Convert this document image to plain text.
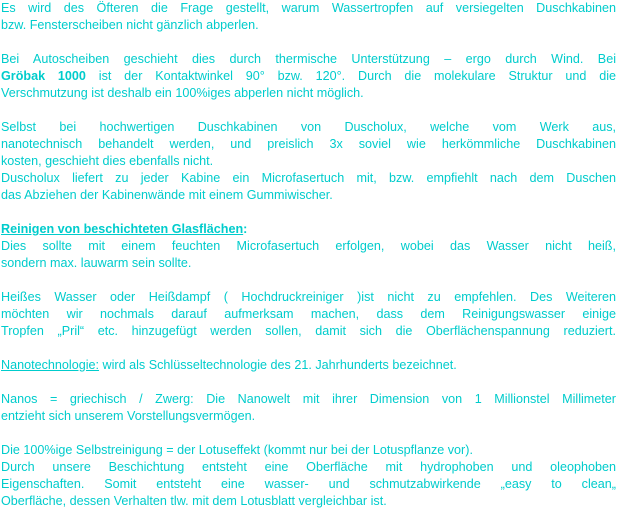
Es wird des Öfteren die Frage gestellt, warum Wassertropfen auf versiegelten Duschkabinen
bzw. Fensterscheiben nicht gänzlich abperlen.
Bei Autoscheiben geschieht dies durch thermische Unterstützung – ergo durch Wind. Bei
Gröbak 1000 ist der Kontaktwinkel 90° bzw. 120°. Durch die molekulare Struktur und die
Verschmutzung ist deshalb ein 100%iges abperlen nicht möglich.
Selbst bei hochwertigen Duschkabinen von Duscholux, welche vom Werk aus,
nanotechnisch behandelt werden, und preislich 3x soviel wie herkömmliche Duschkabinen
kosten, geschieht dies ebenfalls nicht.
Duscholux liefert zu jeder Kabine ein Microfasertuch mit, bzw. empfiehlt nach dem Duschen
das Abziehen der Kabinenwände mit einem Gummiwischer.
Reinigen von beschichteten Glasflächen:
Dies sollte mit einem feuchten Microfasertuch erfolgen, wobei das Wasser nicht heiß,
sondern max. lauwarm sein sollte.
Heißes Wasser oder Heißdampf ( Hochdruckreiniger )ist nicht zu empfehlen. Des Weiteren
möchten wir nochmals darauf aufmerksam machen, dass dem Reinigungswasser einige
Tropfen „Pril“ etc. hinzugefügt werden sollen, damit sich die Oberflächenspannung reduziert.
Nanotechnologie: wird als Schlüsseltechnologie des 21. Jahrhunderts bezeichnet.
Nanos = griechisch / Zwerg: Die Nanowelt mit ihrer Dimension von 1 Millionstel Millimeter
entzieht sich unserem Vorstellungsvermögen.
Die 100%ige Selbstreinigung = der Lotuseffekt (kommt nur bei der Lotuspflanze vor).
Durch unsere Beschichtung entsteht eine Oberfläche mit hydrophoben und oleophoben
Eigenschaften. Somit entsteht eine wasser- und schmutzabwirkende „easy to clean„
Oberfläche, dessen Verhalten tlw. mit dem Lotusblatt vergleichbar ist.
